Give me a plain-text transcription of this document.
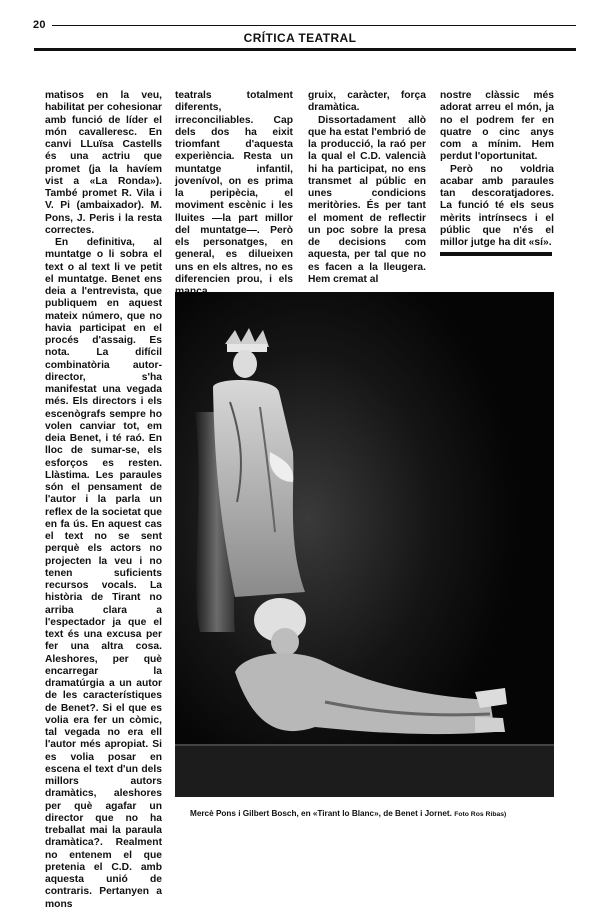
20
CRÍTICA TEATRAL

matisos en la veu, habilitat per cohesionar amb funció de líder el món cavalleresc. En canvi LLuïsa Castells és una actriu que promet (ja la havíem vist a «La Ronda»). També promet R. Vila i V. Pi (ambaixador). M. Pons, J. Peris i la resta correctes.

En definitiva, al muntatge o li sobra el text o al text li ve petit el muntatge. Benet ens deia a l'entrevista, que publiquem en aquest mateix número, que no havia participat en el procés d'assaig. Es nota. La difícil combinatòria autor-director, s'ha manifestat una vegada més. Els directors i els escenògrafs sempre ho volen canviar tot, em deia Benet, i té raó. En lloc de sumar-se, els esforços es resten. Llàstima. Les paraules són el pensament de l'autor i la parla un reflex de la societat que en fa ús. En aquest cas el text no se sent perquè els actors no projecten la veu i no tenen suficients recursos vocals. La història de Tirant no arriba clara a l'espectador ja que el text és una excusa per fer una altra cosa. Aleshores, per què encarregar la dramatúrgia a un autor de les característiques de Benet?. Si el que es volia era fer un còmic, tal vegada no era ell l'autor més apropiat. Si es volia posar en escena el text d'un dels millors autors dramàtics, aleshores per què agafar un director que no ha treballat mai la paraula dramàtica?. Realment no entenem el que pretenia el C.D. amb aquesta unió de contraris. Pertanyen a mons

teatrals totalment diferents, irreconciliables. Cap dels dos ha eixit triomfant d'aquesta experiència. Resta un muntatge infantil, jovenívol, on es prima la peripècia, el moviment escènic i les lluites —la part millor del muntatge—. Però els personatges, en general, es dilueixen uns en els altres, no es diferencien prou, i els

gruix, caràcter, força dramàtica.

Dissortadament allò que ha estat l'embrió de la producció, la raó per la qual el C.D. valencià hi ha participat, no ens transmet al públic en unes condicions meritòries. És per tant el moment de reflectir un poc sobre la presa de decisions com aquesta, per tal que no es facen a la lleugera. Hem cremat al

nostre clàssic més adorat arreu el món, ja no el podrem fer en quatre o cinc anys com a mínim. Hem perdut l'oportunitat.

Però no voldria acabar amb paraules tan descoratjadores. La funció té els seus mèrits intrínsecs i el públic que n'és el millor jutge ha dit «sí».

Mercè Pons i Gilbert Bosch, en «Tirant lo Blanc», de Benet i Jornet. Foto Ros Ribas)
